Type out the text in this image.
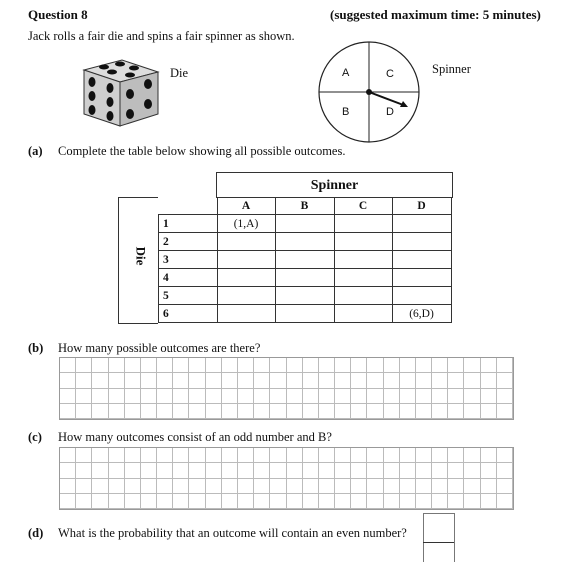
Question 8	(suggested maximum time: 5 minutes)
Jack rolls a fair die and spins a fair spinner as shown.
Die	A	C
B	D
Spinner
(a) Complete the table below showing all possible outcomes.
Spinner
Die
	A	B	C	D
1	(1,A)			
2				
3				
4				
5				
6				(6,D)
(b) How many possible outcomes are there?
(c) How many outcomes consist of an odd number and B?
(d) What is the probability that an outcome will contain an even number?
